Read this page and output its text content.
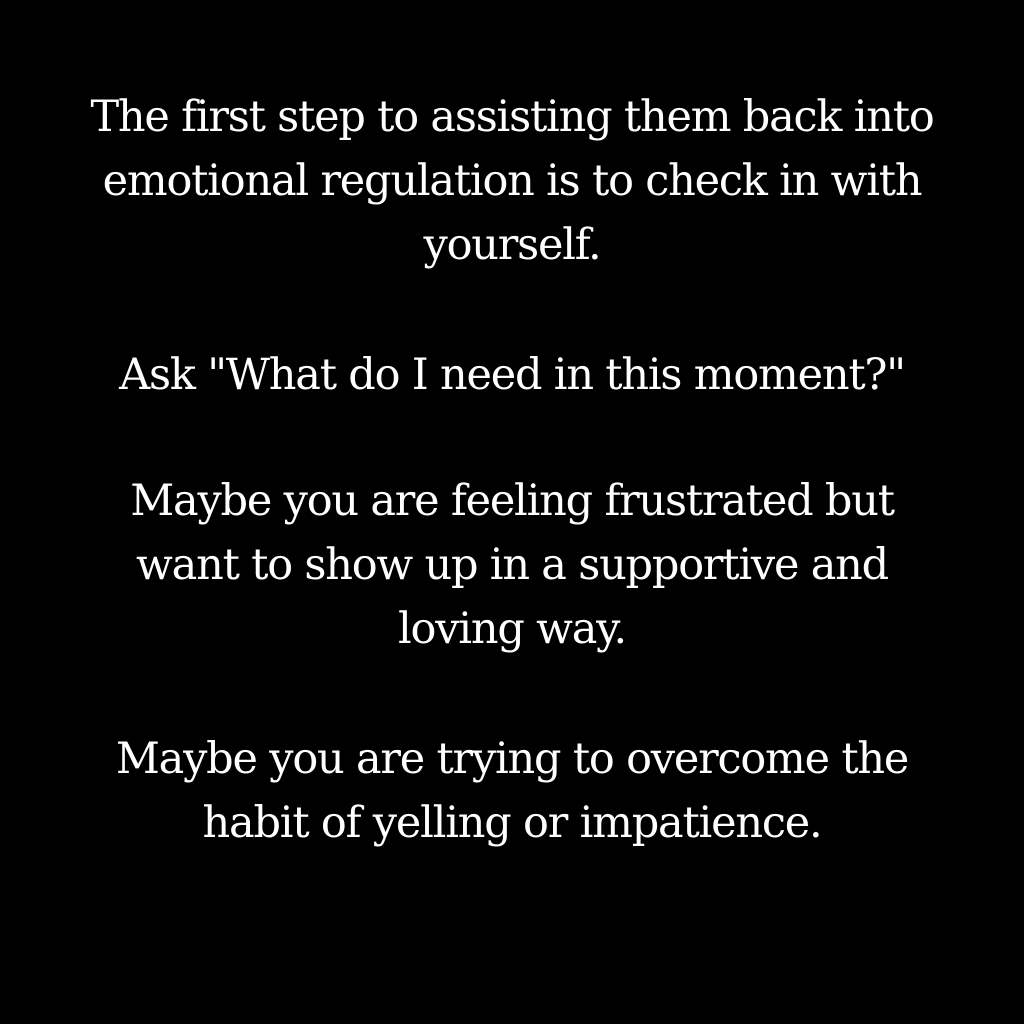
The first step to assisting them back into
emotional regulation is to check in with
yourself.

Ask "What do I need in this moment?"

Maybe you are feeling frustrated but
want to show up in a supportive and
loving way.

Maybe you are trying to overcome the
habit of yelling or impatience.
